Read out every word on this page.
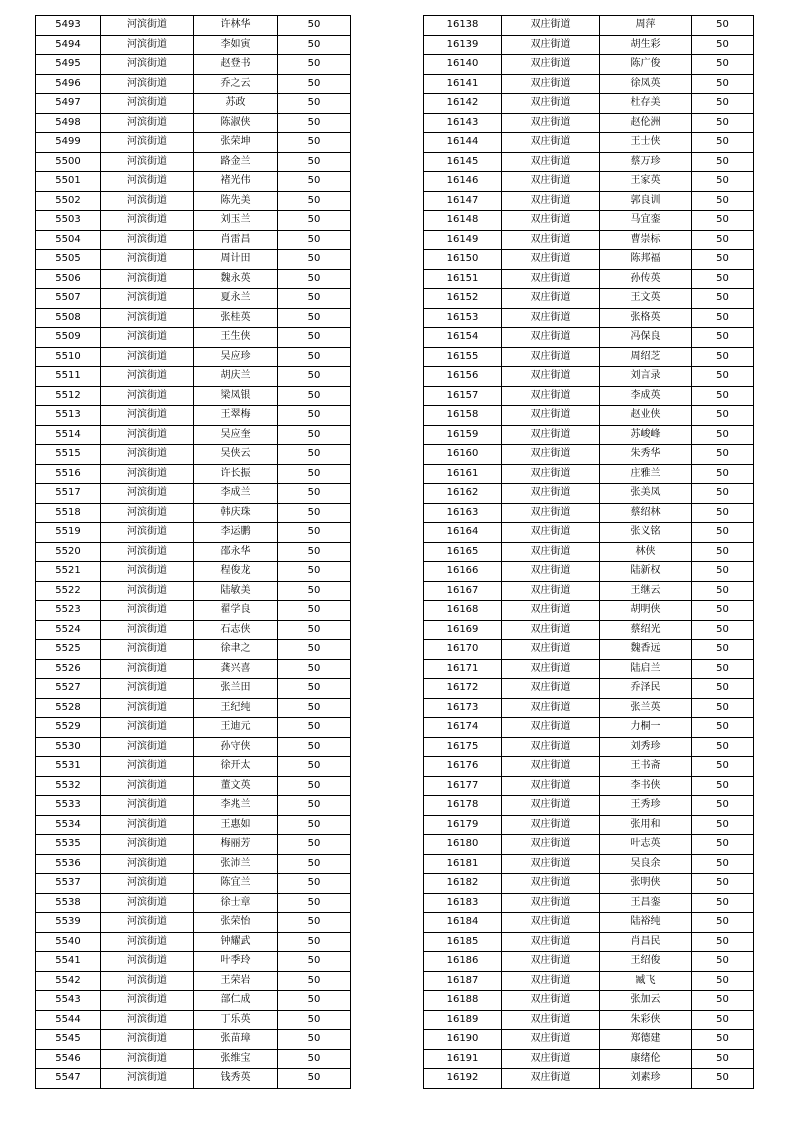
5493	河滨街道	许林华	50
5494	河滨街道	李如寅	50
5495	河滨街道	赵登书	50
5496	河滨街道	乔之云	50
5497	河滨街道	苏政	50
5498	河滨街道	陈淑侠	50
5499	河滨街道	张荣坤	50
5500	河滨街道	路金兰	50
5501	河滨街道	褚光伟	50
5502	河滨街道	陈先美	50
5503	河滨街道	刘玉兰	50
5504	河滨街道	肖雷昌	50
5505	河滨街道	周计田	50
5506	河滨街道	魏永英	50
5507	河滨街道	夏永兰	50
5508	河滨街道	张桂英	50
5509	河滨街道	王生侠	50
5510	河滨街道	吴应珍	50
5511	河滨街道	胡庆兰	50
5512	河滨街道	梁凤银	50
5513	河滨街道	王翠梅	50
5514	河滨街道	吴应奎	50
5515	河滨街道	吴侠云	50
5516	河滨街道	许长振	50
5517	河滨街道	李成兰	50
5518	河滨街道	韩庆珠	50
5519	河滨街道	李运鹏	50
5520	河滨街道	邵永华	50
5521	河滨街道	程俊龙	50
5522	河滨街道	陆敏美	50
5523	河滨街道	翟学良	50
5524	河滨街道	石志侠	50
5525	河滨街道	徐聿之	50
5526	河滨街道	龚兴喜	50
5527	河滨街道	张兰田	50
5528	河滨街道	王纪纯	50
5529	河滨街道	王迪元	50
5530	河滨街道	孙守侠	50
5531	河滨街道	徐开太	50
5532	河滨街道	董文英	50
5533	河滨街道	李兆兰	50
5534	河滨街道	王惠如	50
5535	河滨街道	梅丽芳	50
5536	河滨街道	张沛兰	50
5537	河滨街道	陈宜兰	50
5538	河滨街道	徐士章	50
5539	河滨街道	张荣怡	50
5540	河滨街道	钟耀武	50
5541	河滨街道	叶季玲	50
5542	河滨街道	王荣岩	50
5543	河滨街道	部仁成	50
5544	河滨街道	丁乐英	50
5545	河滨街道	张苗璋	50
5546	河滨街道	张维宝	50
5547	河滨街道	钱秀英	50
16138	双庄街道	周萍	50
16139	双庄街道	胡生彩	50
16140	双庄街道	陈广俊	50
16141	双庄街道	徐凤英	50
16142	双庄街道	杜存美	50
16143	双庄街道	赵伦洲	50
16144	双庄街道	王士侠	50
16145	双庄街道	蔡万珍	50
16146	双庄街道	王家英	50
16147	双庄街道	郭良训	50
16148	双庄街道	马宜銮	50
16149	双庄街道	曹崇标	50
16150	双庄街道	陈邦福	50
16151	双庄街道	孙传英	50
16152	双庄街道	王文英	50
16153	双庄街道	张格英	50
16154	双庄街道	冯保良	50
16155	双庄街道	周绍芝	50
16156	双庄街道	刘言录	50
16157	双庄街道	李成英	50
16158	双庄街道	赵业侠	50
16159	双庄街道	苏峻峰	50
16160	双庄街道	朱秀华	50
16161	双庄街道	庄雅兰	50
16162	双庄街道	张美凤	50
16163	双庄街道	蔡绍林	50
16164	双庄街道	张义铭	50
16165	双庄街道	林侠	50
16166	双庄街道	陆新权	50
16167	双庄街道	王继云	50
16168	双庄街道	胡明侠	50
16169	双庄街道	蔡绍光	50
16170	双庄街道	魏香远	50
16171	双庄街道	陆启兰	50
16172	双庄街道	乔泽民	50
16173	双庄街道	张兰英	50
16174	双庄街道	力桐一	50
16175	双庄街道	刘秀珍	50
16176	双庄街道	王书斋	50
16177	双庄街道	李书侠	50
16178	双庄街道	王秀珍	50
16179	双庄街道	张用和	50
16180	双庄街道	叶志英	50
16181	双庄街道	吴良余	50
16182	双庄街道	张明侠	50
16183	双庄街道	王昌銮	50
16184	双庄街道	陆裕纯	50
16185	双庄街道	肖昌民	50
16186	双庄街道	王绍俊	50
16187	双庄街道	臧飞	50
16188	双庄街道	张加云	50
16189	双庄街道	朱彩侠	50
16190	双庄街道	郑德建	50
16191	双庄街道	康绪伦	50
16192	双庄街道	刘素珍	50
